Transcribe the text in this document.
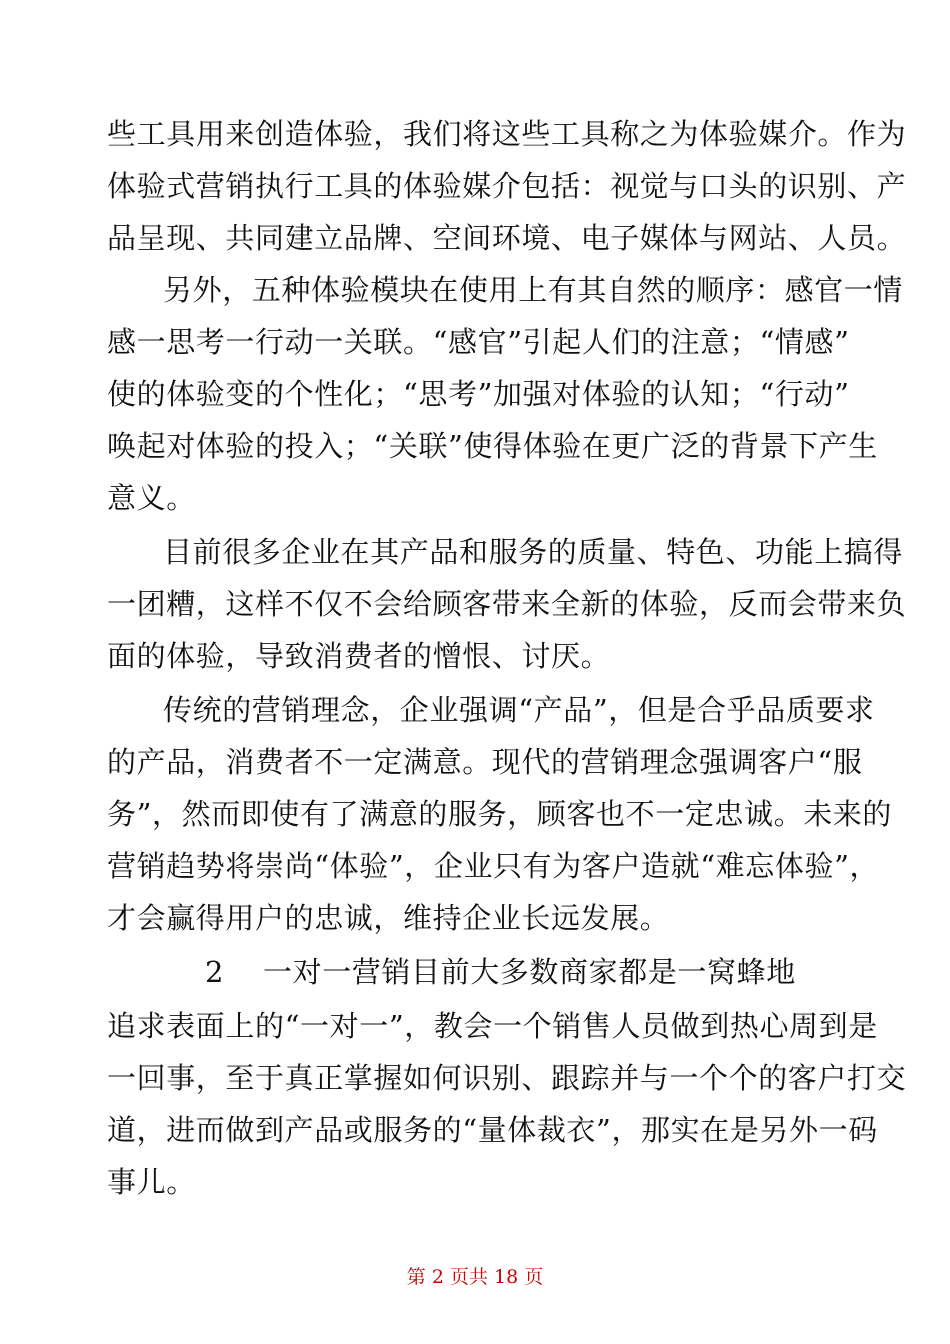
些工具用来创造体验，我们将这些工具称之为体验媒介。作为
体验式营销执行工具的体验媒介包括：视觉与口头的识别、产
品呈现、共同建立品牌、空间环境、电子媒体与网站、人员。
另外，五种体验模块在使用上有其自然的顺序：感官一情
感一思考一行动一关联。“感官”引起人们的注意；“情感”
使的体验变的个性化；“思考”加强对体验的认知；“行动”
唤起对体验的投入；“关联”使得体验在更广泛的背景下产生
意义。
目前很多企业在其产品和服务的质量、特色、功能上搞得
一团糟，这样不仅不会给顾客带来全新的体验，反而会带来负
面的体验，导致消费者的憎恨、讨厌。
传统的营销理念，企业强调“产品”，但是合乎品质要求
的产品，消费者不一定满意。现代的营销理念强调客户“服
务”，然而即使有了满意的服务，顾客也不一定忠诚。未来的
营销趋势将崇尚“体验”，企业只有为客户造就“难忘体验”，
才会赢得用户的忠诚，维持企业长远发展。
2 一对一营销目前大多数商家都是一窝蜂地
追求表面上的“一对一”，教会一个销售人员做到热心周到是
一回事，至于真正掌握如何识别、跟踪并与一个个的客户打交
道，进而做到产品或服务的“量体裁衣”，那实在是另外一码
事儿。
第 2 页共 18 页
